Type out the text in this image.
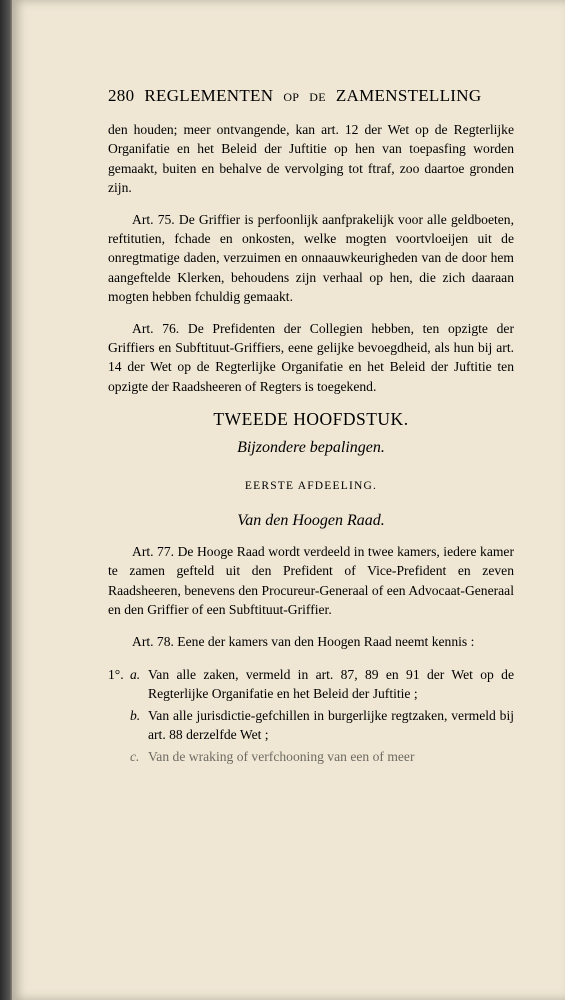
280 REGLEMENTEN OP DE ZAMENSTELLING

den houden; meer ontvangende, kan art. 12 der Wet op de Regterlijke Organifatie en het Beleid der Juftitie op hen van toepasfing worden gemaakt, buiten en behalve de vervolging tot ftraf, zoo daartoe gronden zijn.

Art. 75. De Griffier is perfoonlijk aanfprakelijk voor alle geldboeten, reftitutien, fchade en onkosten, welke mogten voortvloeijen uit de onregtmatige daden, verzuimen en onnaauwkeurigheden van de door hem aangeftelde Klerken, behoudens zijn verhaal op hen, die zich daaraan mogten hebben fchuldig gemaakt.

Art. 76. De Prefidenten der Collegien hebben, ten opzigte der Griffiers en Subftituut-Griffiers, eene gelijke bevoegdheid, als hun bij art. 14 der Wet op de Regterlijke Organifatie en het Beleid der Juftitie ten opzigte der Raadsheeren of Regters is toegekend.

TWEEDE HOOFDSTUK.
Bijzondere bepalingen.
EERSTE AFDEELING.
Van den Hoogen Raad.

Art. 77. De Hooge Raad wordt verdeeld in twee kamers, iedere kamer te zamen gefteld uit den Prefident of Vice-Prefident en zeven Raadsheeren, benevens den Procureur-Generaal of een Advocaat-Generaal en den Griffier of een Subftituut-Griffier.

Art. 78. Eene der kamers van den Hoogen Raad neemt kennis :

1°. a. Van alle zaken, vermeld in art. 87, 89 en 91 der Wet op de Regterlijke Organifatie en het Beleid der Juftitie ;
b. Van alle jurisdictie-gefchillen in burgerlijke regtzaken, vermeld bij art. 88 derzelfde Wet ;
c. Van de wraking of verfchooning van een of meer
